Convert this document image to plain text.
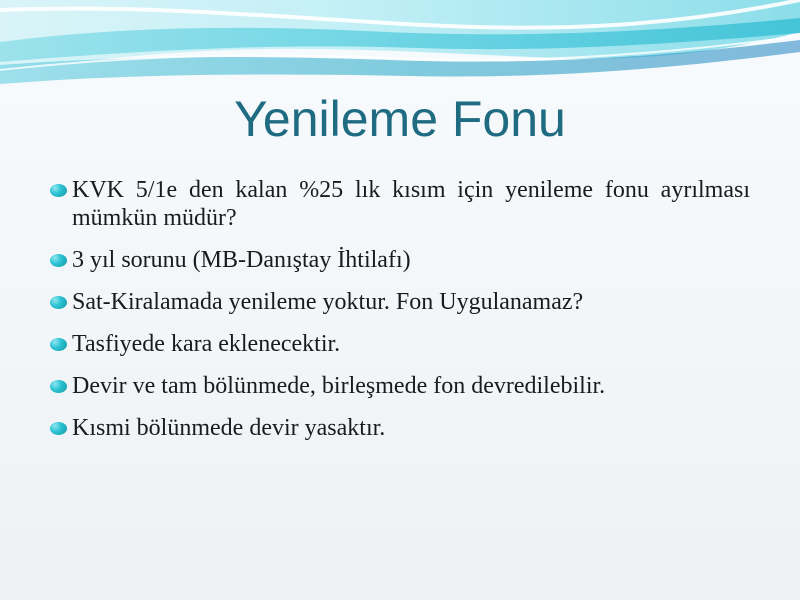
Yenileme Fonu
KVK 5/1e den kalan %25 lık kısım için yenileme fonu ayrılması mümkün müdür?
3 yıl sorunu (MB-Danıştay İhtilafı)
Sat-Kiralamada yenileme yoktur. Fon Uygulanamaz?
Tasfiyede kara eklenecektir.
Devir ve tam bölünmede, birleşmede fon devredilebilir.
Kısmi bölünmede devir yasaktır.
